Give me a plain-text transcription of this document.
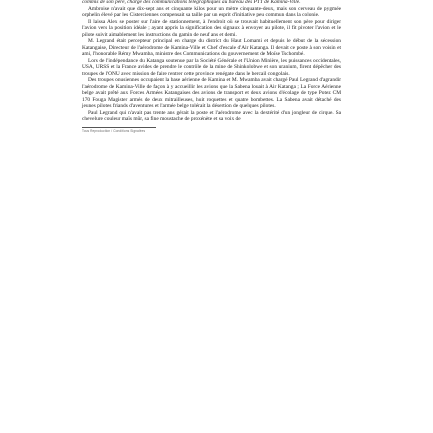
commis de son père, chargé des communications télégraphiques au bureau des PTT de Kamina-Ville.

Ambroise n'avait que dix-sept ans et cinquante kilos pour un mètre cinquante-deux, mais son cerveau de pygmée orphelin élevé par les Cisterciennes compensait sa taille par un esprit d'initiative peu commun dans la colonie.

Il laissa Alex se poster sur l'aire de stationnement, à l'endroit où se trouvait habituellement son père pour diriger l'avion vers la position idéale ; ayant appris la signification des signaux à envoyer au pilote, il fit pivoter l'avion et le pilote suivit aimablement les instructions du gamin de neuf ans et demi.

M. Legrand était percepteur principal en charge du district du Haut Lomami et depuis le début de la sécession Katangaise, Directeur de l'aérodrome de Kamina-Ville et Chef d'escale d'Air Katanga. Il devait ce poste à son voisin et ami, l'honorable Rémy Mwamba, ministre des Communications du gouvernement de Moïse Tschombé.

Lors de l'indépendance du Katanga soutenue par la Société Générale et l'Union Minière, les puissances occidentales, USA, URSS et la France avides de prendre le contrôle de la mine de Shinkolobwe et son uranium, firent dépêcher des troupes de l'ONU avec mission de faire rentrer cette province renégate dans le bercail congolais.

Des troupes onusiennes occupaient la base aérienne de Kamina et M. Mwamba avait chargé Paul Legrand d'agrandir l'aérodrome de Kamina-Ville de façon à y accueillir les avions que la Sabena louait à Air Katanga ; La Force Aérienne belge avait prêté aux Forces Armées Katangaises des avions de transport et deux avions d'écolage de type Potez CM 170 Fouga Magister armés de deux mitrailleuses, huit roquettes et quatre bombettes. La Sabena avait détaché des jeunes pilotes friands d'aventures et l'armée belge tolérait la désertion de quelques pilotes.

Paul Legrand qui n'avait pas trente ans gérait la poste et l'aérodrome avec la dextérité d'un jongleur de cirque. Sa chevelure couleur maïs mûr, sa fine moustache de proxénète et sa voix de

Tous Reproduction / Conditions Signalées
